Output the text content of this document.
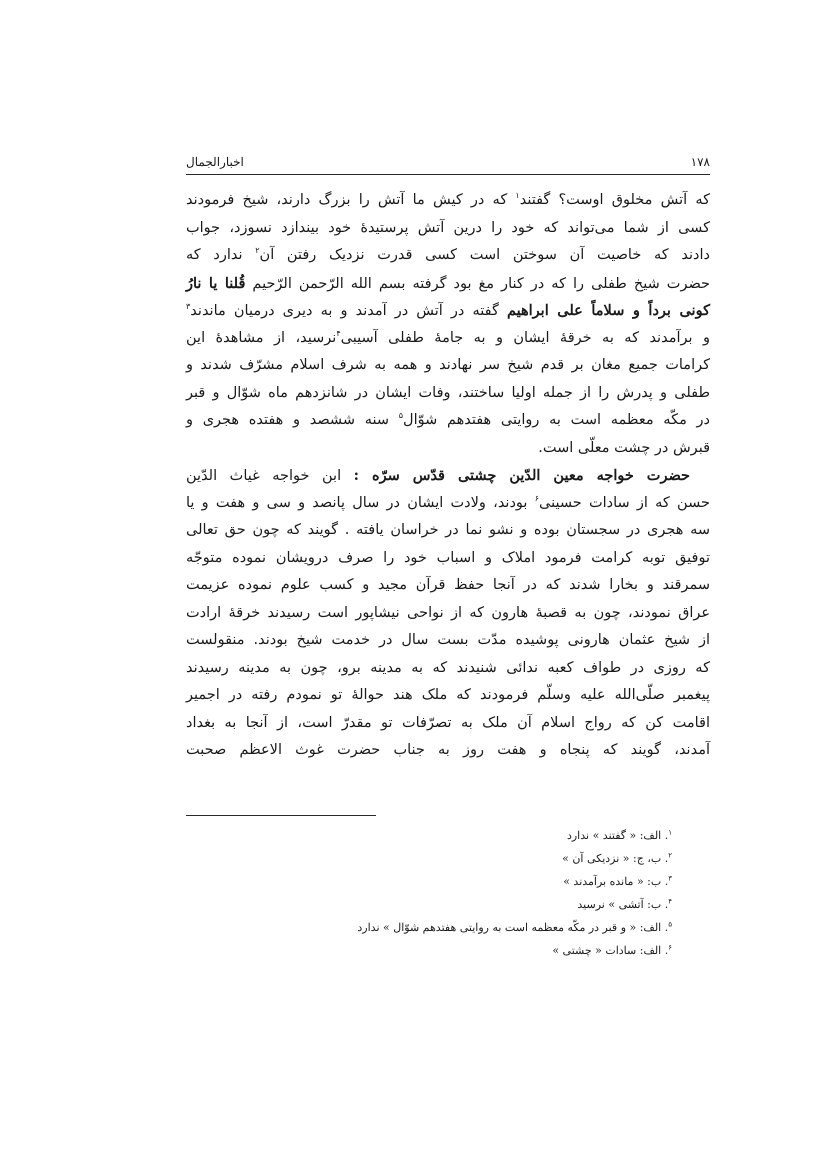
۱۷۸
اخبارالجمال
که آتش مخلوق اوست؟ گفتند$^۱$ که در کیش ما آتش را بزرگ دارند، شیخ فرمودند
کسی از شما می‌تواند که خود را درین آتش پرستیدهٔ خود بیندازد نسوزد، جواب
دادند که خاصیت آن سوختن است کسی قدرت نزدیک رفتن آن$^۲$ ندارد که
حضرت شیخ طفلی را که در کنار مغ بود گرفته بسم الله الرّحمن الرّحیم قُلنا یا نارُ
کونی برداً و سلاماً علی ابراهیم گفته در آتش در آمدند و به دیری درمیان ماندند$^۳$
و برآمدند که به خرقهٔ ایشان و به جامهٔ طفلی آسیبی$^۴$نرسید، از مشاهدهٔ این
کرامات جمیع مغان بر قدم شیخ سر نهادند و همه به شرف اسلام مشرّف شدند و
طفلی و پدرش را از جمله اولیا ساختند، وفات ایشان در شانزدهم ماه شوّال و قبر
در مکّه معظمه است به روایتی هفتدهم شوّال$^۵$ سنه ششصد و هفتده هجری و
قبرش در چشت معلّی است.
حضرت خواجه معین الدّین چشتی قدّس سرّه : ابن خواجه غیاث الدّین
حسن که از سادات حسینی$^۶$ بودند، ولادت ایشان در سال پانصد و سی و هفت و یا
سه هجری در سجستان بوده و نشو نما در خراسان یافته . گویند که چون حق تعالی
توفیق توبه کرامت فرمود املاک و اسباب خود را صرف درویشان نموده متوجّه
سمرقند و بخارا شدند که در آنجا حفظ قرآن مجید و کسب علوم نموده عزیمت
عراق نمودند، چون به قصبهٔ هارون که از نواحی نیشاپور است رسیدند خرقهٔ ارادت
از شیخ عثمان هارونی پوشیده مدّت بست سال در خدمت شیخ بودند. منقولست
که روزی در طواف کعبه ندائی شنیدند که به مدینه برو، چون به مدینه رسیدند
پیغمبر صلّی‌الله علیه وسلّم فرمودند که ملک هند حوالهٔ تو نمودم رفته در اجمیر
اقامت کن که رواج اسلام آن ملک به تصرّفات تو مقدرّ است، از آنجا به بغداد
آمدند، گویند که پنجاه و هفت روز به جناب حضرت غوث الاعظم صحبت
$^۱$. الف: « گفتند » ندارد
$^۲$. ب، ج: « نزدیکی آن »
$^۳$. ب: « مانده برآمدند »
$^۴$. ب: آتشی » نرسید
$^۵$. الف: « و قبر در مکّه معظمه است به روایتی هفتدهم شوّال » ندارد
$^۶$. الف: سادات « چشتی »
